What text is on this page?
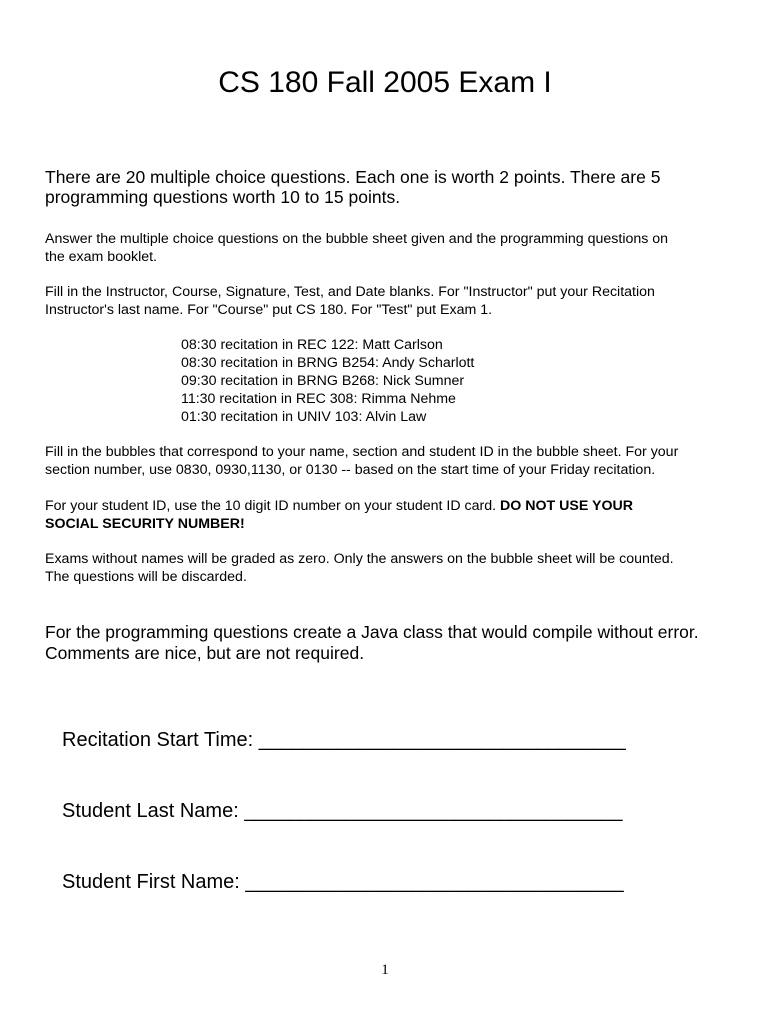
CS 180 Fall 2005 Exam I
There are 20 multiple choice questions. Each one is worth 2 points. There are 5
programming questions worth 10 to 15 points.
Answer the multiple choice questions on the bubble sheet given and the programming questions on
the exam booklet.
Fill in the Instructor, Course, Signature, Test, and Date blanks. For "Instructor" put your Recitation
Instructor's last name. For "Course" put CS 180. For "Test" put Exam 1.
08:30 recitation in REC 122: Matt Carlson
08:30 recitation in BRNG B254: Andy Scharlott
09:30 recitation in BRNG B268: Nick Sumner
11:30 recitation in REC 308: Rimma Nehme
01:30 recitation in UNIV 103: Alvin Law
Fill in the bubbles that correspond to your name, section and student ID in the bubble sheet. For your
section number, use 0830, 0930,1130, or 0130 -- based on the start time of your Friday recitation.
For your student ID, use the 10 digit ID number on your student ID card. DO NOT USE YOUR
SOCIAL SECURITY NUMBER!
Exams without names will be graded as zero. Only the answers on the bubble sheet will be counted.
The questions will be discarded.
For the programming questions create a Java class that would compile without error.
Comments are nice, but are not required.
Recitation Start Time: _________________________________
Student Last Name: __________________________________
Student First Name: __________________________________
1
